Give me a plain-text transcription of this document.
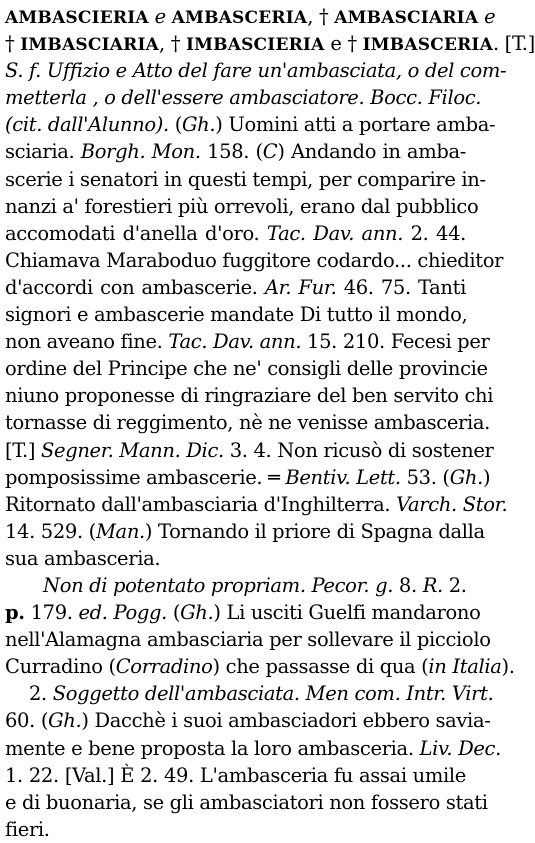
AMBASCIERIA e AMBASCERIA, † AMBASCIARIA e
† IMBASCIARIA, † IMBASCIERIA e † IMBASCERIA. [T.]
S. f. Uffizio e Atto del fare un'ambasciata, o del com-
metterla , o dell'essere ambasciatore. Bocc. Filoc.
(cit. dall'Alunno). (Gh.) Uomini atti a portare amba-
sciaria. Borgh. Mon. 158. (C) Andando in amba-
scerie i senatori in questi tempi, per comparire in-
nanzi a' forestieri più orrevoli, erano dal pubblico
accomodati d'anella d'oro. Tac. Dav. ann. 2. 44.
Chiamava Maraboduo fuggitore codardo... chieditor
d'accordi con ambascerie. Ar. Fur. 46. 75. Tanti
signori e ambascerie mandate Di tutto il mondo,
non aveano fine. Tac. Dav. ann. 15. 210. Fecesi per
ordine del Principe che ne' consigli delle provincie
niuno proponesse di ringraziare del ben servito chi
tornasse di reggimento, nè ne venisse ambasceria.
[T.] Segner. Mann. Dic. 3. 4. Non ricusò di sostener
pomposissime ambascerie. ═ Bentiv. Lett. 53. (Gh.)
Ritornato dall'ambasciaria d'Inghilterra. Varch. Stor.
14. 529. (Man.) Tornando il priore di Spagna dalla
sua ambasceria.
Non di potentato propriam. Pecor. g. 8. R. 2.
p. 179. ed. Pogg. (Gh.) Li usciti Guelfi mandarono
nell'Alamagna ambasciaria per sollevare il picciolo
Curradino (Corradino) che passasse di qua (in Italia).
2. Soggetto dell'ambasciata. Men com. Intr. Virt.
60. (Gh.) Dacchè i suoi ambasciadori ebbero savia-
mente e bene proposta la loro ambasceria. Liv. Dec.
1. 22. [Val.] È 2. 49. L'ambasceria fu assai umile
e di buonaria, se gli ambasciatori non fossero stati
fieri.
